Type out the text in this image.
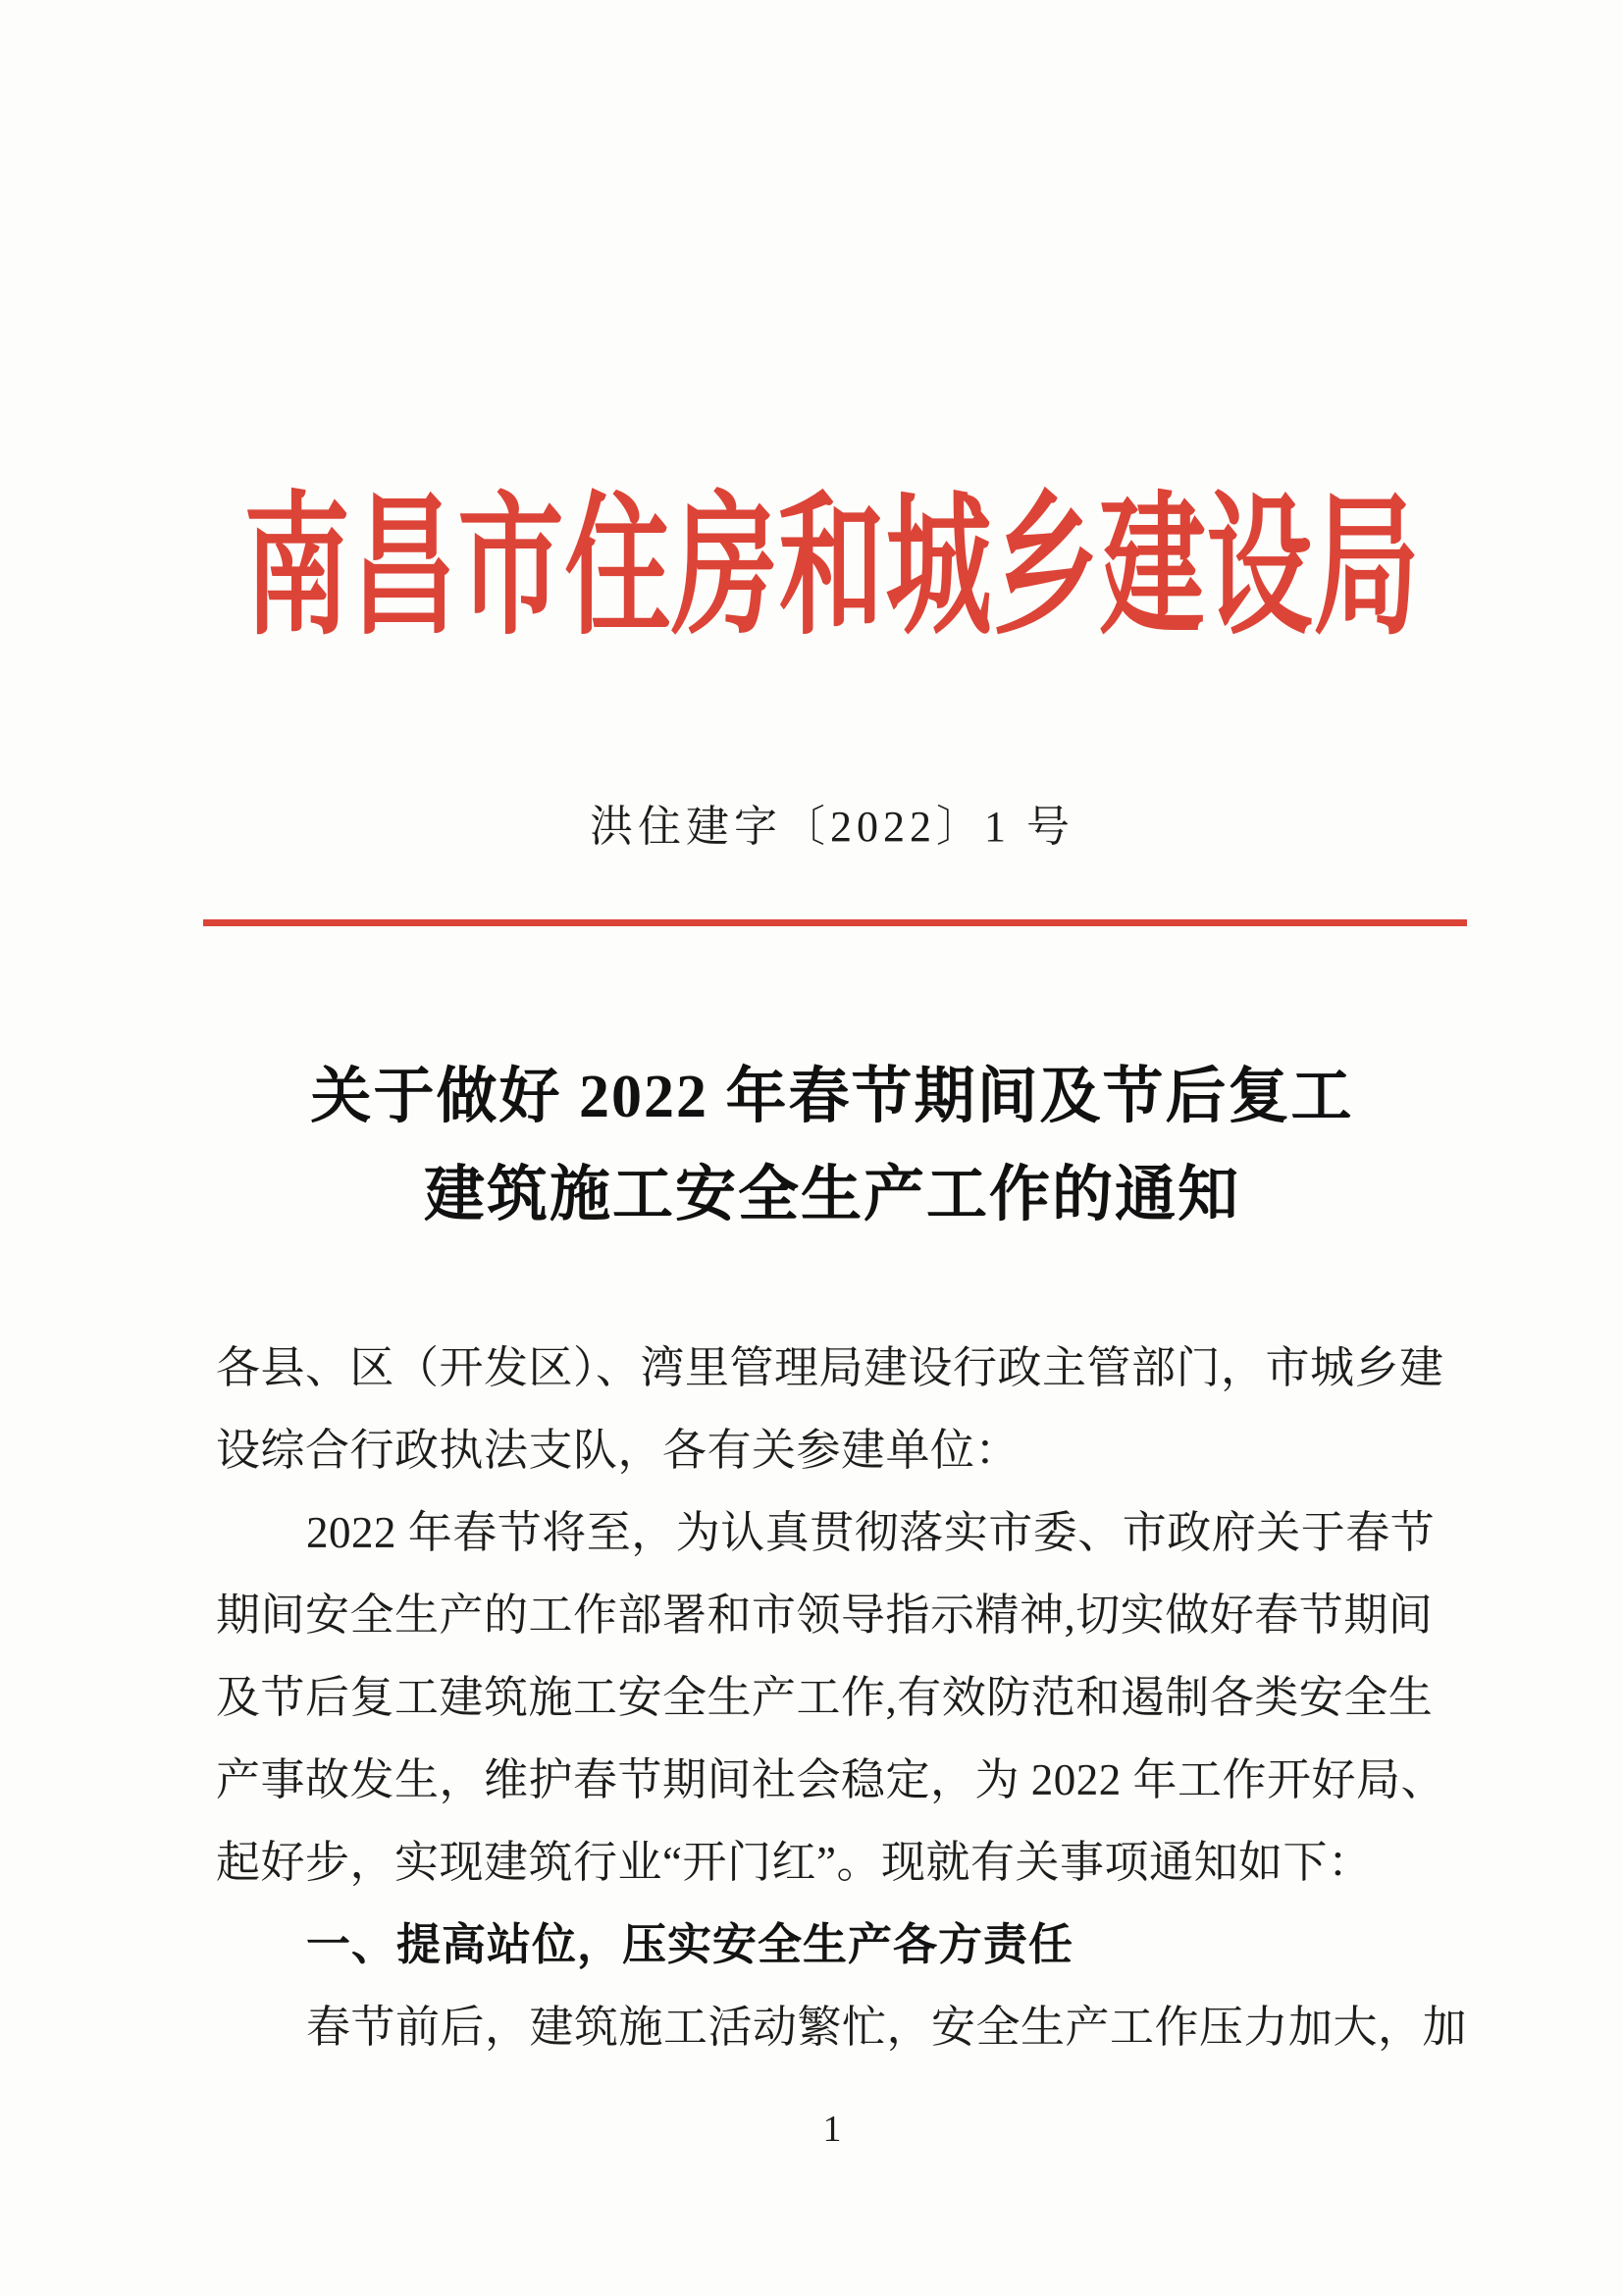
南昌市住房和城乡建设局
洪住建字〔2022〕1 号
关于做好 2022 年春节期间及节后复工
建筑施工安全生产工作的通知
各县、区（开发区）、湾里管理局建设行政主管部门，市城乡建
设综合行政执法支队，各有关参建单位：
2022 年春节将至，为认真贯彻落实市委、市政府关于春节
期间安全生产的工作部署和市领导指示精神,切实做好春节期间
及节后复工建筑施工安全生产工作,有效防范和遏制各类安全生
产事故发生，维护春节期间社会稳定，为 2022 年工作开好局、
起好步，实现建筑行业“开门红”。现就有关事项通知如下：
一、提高站位，压实安全生产各方责任
春节前后，建筑施工活动繁忙，安全生产工作压力加大，加
1
